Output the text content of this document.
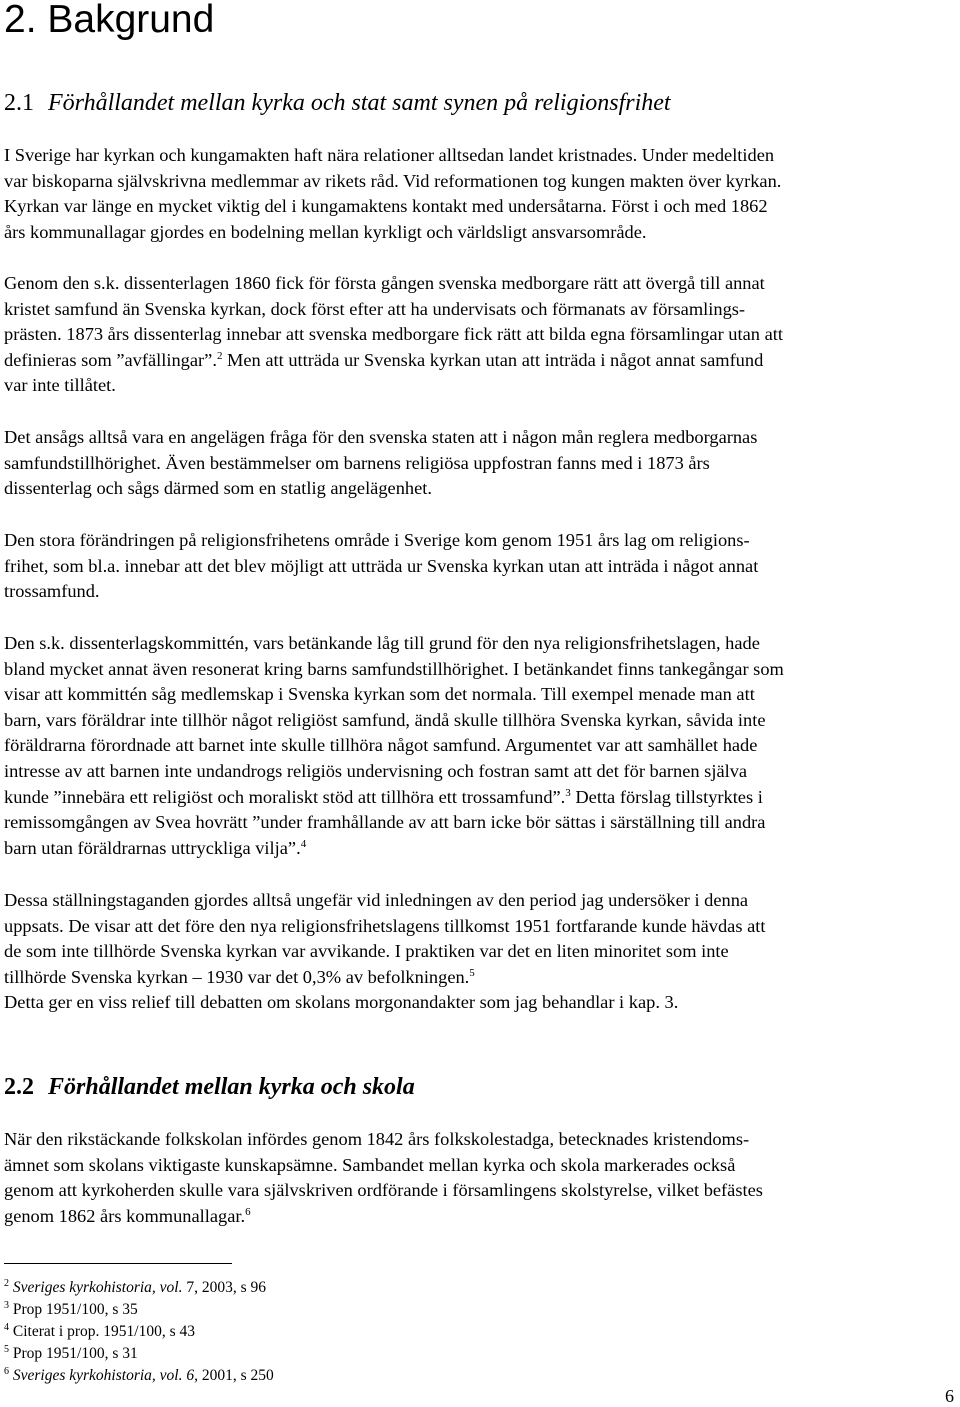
2. Bakgrund
2.1 Förhållandet mellan kyrka och stat samt synen på religionsfrihet

I Sverige har kyrkan och kungamakten haft nära relationer alltsedan landet kristnades. Under medeltiden
var biskoparna självskrivna medlemmar av rikets råd. Vid reformationen tog kungen makten över kyrkan.
Kyrkan var länge en mycket viktig del i kungamaktens kontakt med undersåtarna. Först i och med 1862
års kommunallagar gjordes en bodelning mellan kyrkligt och världsligt ansvarsområde.

Genom den s.k. dissenterlagen 1860 fick för första gången svenska medborgare rätt att övergå till annat
kristet samfund än Svenska kyrkan, dock först efter att ha undervisats och förmanats av församlings-
prästen. 1873 års dissenterlag innebar att svenska medborgare fick rätt att bilda egna församlingar utan att
definieras som ”avfällingar”.$^2$ Men att utträda ur Svenska kyrkan utan att inträda i något annat samfund
var inte tillåtet.

Det ansågs alltså vara en angelägen fråga för den svenska staten att i någon mån reglera medborgarnas
samfundstillhörighet. Även bestämmelser om barnens religiösa uppfostran fanns med i 1873 års
dissenterlag och sågs därmed som en statlig angelägenhet.

Den stora förändringen på religionsfrihetens område i Sverige kom genom 1951 års lag om religions-
frihet, som bl.a. innebar att det blev möjligt att utträda ur Svenska kyrkan utan att inträda i något annat
trossamfund.

Den s.k. dissenterlagskommittén, vars betänkande låg till grund för den nya religionsfrihetslagen, hade
bland mycket annat även resonerat kring barns samfundstillhörighet. I betänkandet finns tankegångar som
visar att kommittén såg medlemskap i Svenska kyrkan som det normala. Till exempel menade man att
barn, vars föräldrar inte tillhör något religiöst samfund, ändå skulle tillhöra Svenska kyrkan, såvida inte
föräldrarna förordnade att barnet inte skulle tillhöra något samfund. Argumentet var att samhället hade
intresse av att barnen inte undandrogs religiös undervisning och fostran samt att det för barnen själva
kunde ”innebära ett religiöst och moraliskt stöd att tillhöra ett trossamfund”.$^3$ Detta förslag tillstyrktes i
remissomgången av Svea hovrätt ”under framhållande av att barn icke bör sättas i särställning till andra
barn utan föräldrarnas uttryckliga vilja”.$^4$

Dessa ställningstaganden gjordes alltså ungefär vid inledningen av den period jag undersöker i denna
uppsats. De visar att det före den nya religionsfrihetslagens tillkomst 1951 fortfarande kunde hävdas att
de som inte tillhörde Svenska kyrkan var avvikande. I praktiken var det en liten minoritet som inte
tillhörde Svenska kyrkan – 1930 var det 0,3% av befolkningen.$^5$
Detta ger en viss relief till debatten om skolans morgonandakter som jag behandlar i kap. 3.

2.2 Förhållandet mellan kyrka och skola

När den rikstäckande folkskolan infördes genom 1842 års folkskolestadga, betecknades kristendoms-
ämnet som skolans viktigaste kunskapsämne. Sambandet mellan kyrka och skola markerades också
genom att kyrkoherden skulle vara självskriven ordförande i församlingens skolstyrelse, vilket befästes
genom 1862 års kommunallagar.$^6$

$^2$ Sveriges kyrkohistoria, vol. 7, 2003, s 96
$^3$ Prop 1951/100, s 35
$^4$ Citerat i prop. 1951/100, s 43
$^5$ Prop 1951/100, s 31
$^6$ Sveriges kyrkohistoria, vol. 6, 2001, s 250
6
